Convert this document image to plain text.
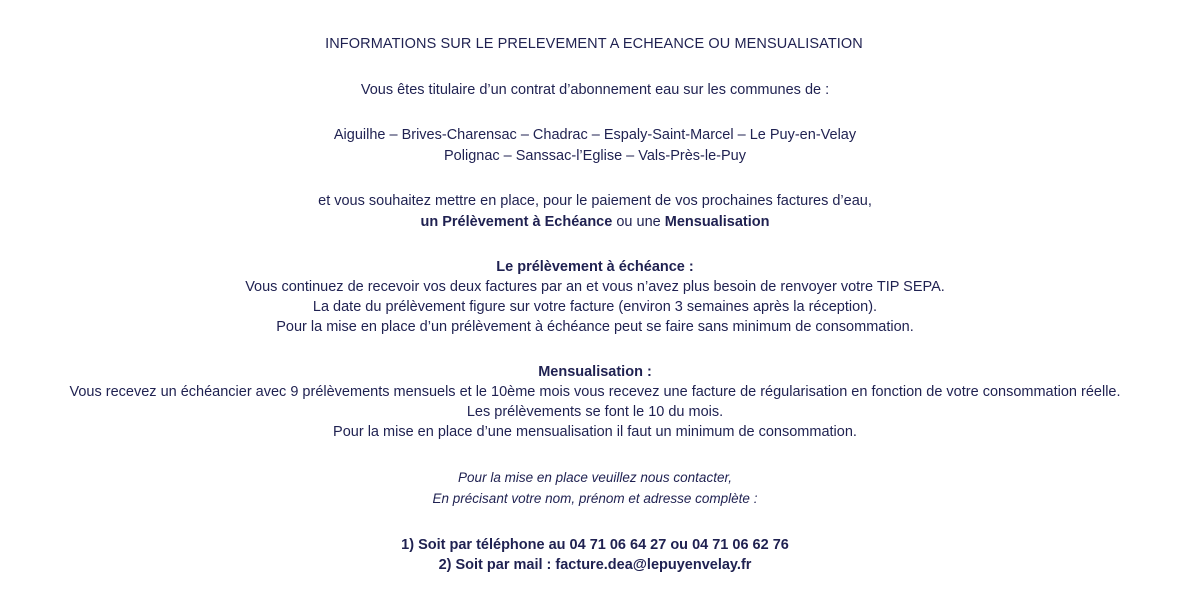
INFORMATIONS SUR LE PRELEVEMENT A ECHEANCE OU MENSUALISATION
Vous êtes titulaire d’un contrat d’abonnement eau sur les communes de :
Aiguilhe – Brives-Charensac – Chadrac – Espaly-Saint-Marcel – Le Puy-en-Velay
Polignac – Sanssac-l’Eglise – Vals-Près-le-Puy
et vous souhaitez mettre en place, pour le paiement de vos prochaines factures d’eau,
un Prélèvement à Echéance ou une Mensualisation
Le prélèvement à échéance :
Vous continuez de recevoir vos deux factures par an et vous n’avez plus besoin de renvoyer votre TIP SEPA.
La date du prélèvement figure sur votre facture (environ 3 semaines après la réception).
Pour la mise en place d’un prélèvement à échéance peut se faire sans minimum de consommation.
Mensualisation :
Vous recevez un échéancier avec 9 prélèvements mensuels et le 10ème mois vous recevez une facture de régularisation en fonction de votre consommation réelle.
Les prélèvements se font le 10 du mois.
Pour la mise en place d’une mensualisation il faut un minimum de consommation.
Pour la mise en place veuillez nous contacter,
En précisant votre nom, prénom et adresse complète :
1) Soit par téléphone au 04 71 06 64 27 ou 04 71 06 62 76
2) Soit par mail : facture.dea@lepuyenvelay.fr
